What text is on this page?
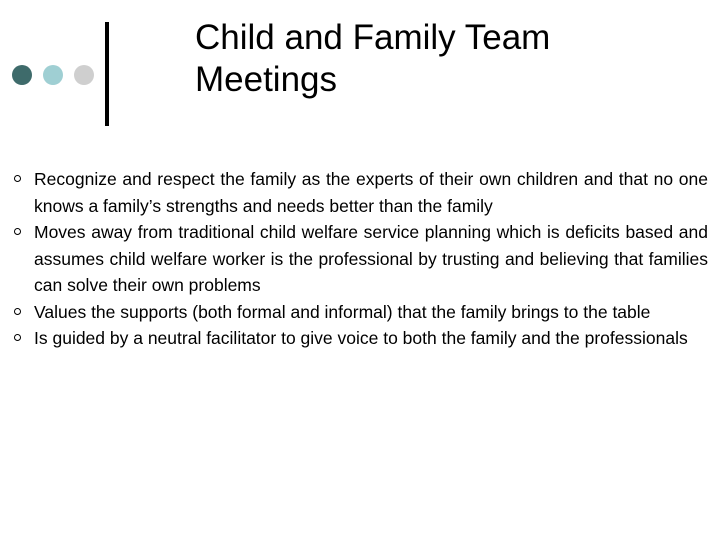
Child and Family Team Meetings
Recognize and respect the family as the experts of their own children and that no one knows a family’s strengths and needs better than the family
Moves away from traditional child welfare service planning which is deficits based and assumes child welfare worker is the professional by trusting and believing that families can solve their own problems
Values the supports (both formal and informal) that the family brings to the table
Is guided by a neutral facilitator to give voice to both the family and the professionals
